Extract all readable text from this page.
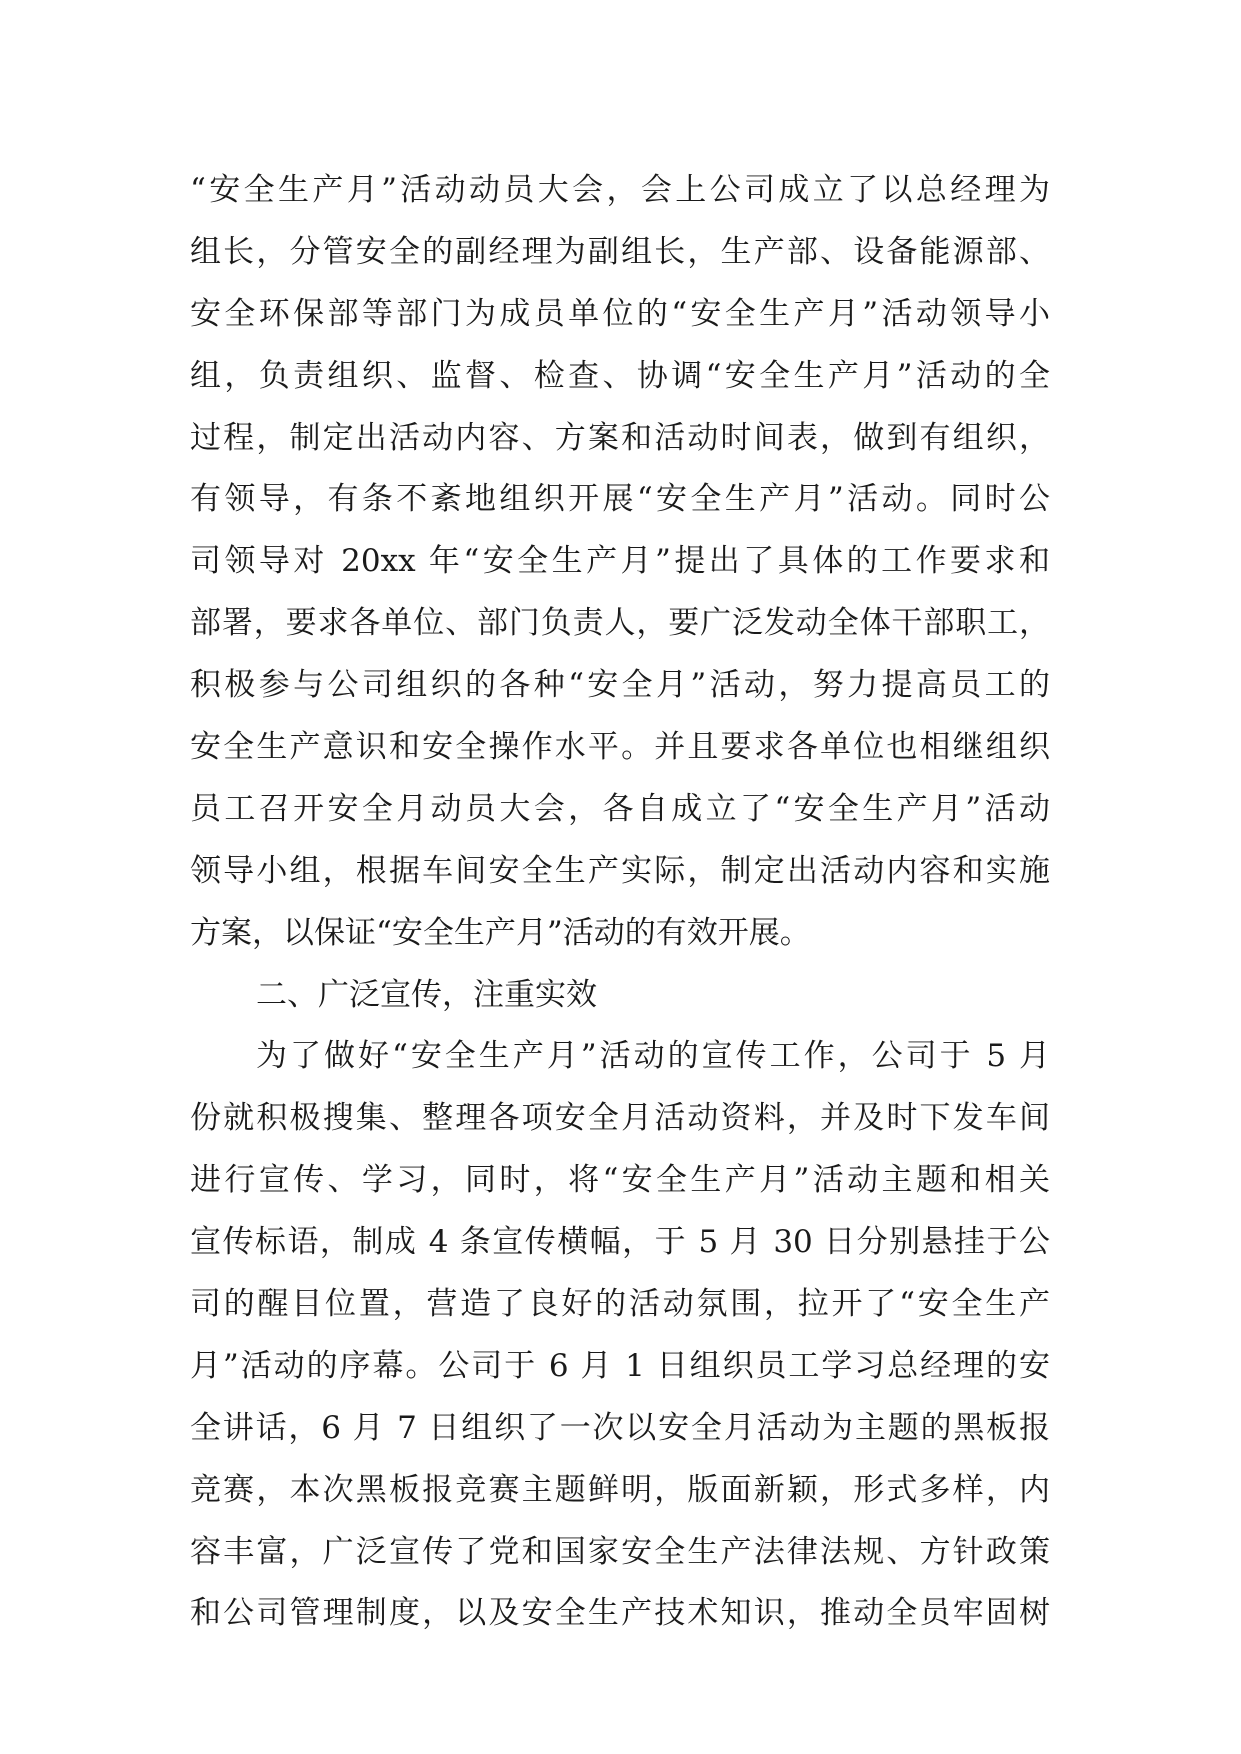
“安全生产月”活动动员大会，会上公司成立了以总经理为
组长，分管安全的副经理为副组长，生产部、设备能源部、
安全环保部等部门为成员单位的“安全生产月”活动领导小
组，负责组织、监督、检查、协调“安全生产月”活动的全
过程，制定出活动内容、方案和活动时间表，做到有组织，
有领导，有条不紊地组织开展“安全生产月”活动。同时公
司领导对 20xx 年“安全生产月”提出了具体的工作要求和
部署，要求各单位、部门负责人，要广泛发动全体干部职工，
积极参与公司组织的各种“安全月”活动，努力提高员工的
安全生产意识和安全操作水平。并且要求各单位也相继组织
员工召开安全月动员大会，各自成立了“安全生产月”活动
领导小组，根据车间安全生产实际，制定出活动内容和实施
方案，以保证“安全生产月”活动的有效开展。
二、广泛宣传，注重实效
为了做好“安全生产月”活动的宣传工作，公司于 5 月
份就积极搜集、整理各项安全月活动资料，并及时下发车间
进行宣传、学习，同时，将“安全生产月”活动主题和相关
宣传标语，制成 4 条宣传横幅，于 5 月 30 日分别悬挂于公
司的醒目位置，营造了良好的活动氛围，拉开了“安全生产
月”活动的序幕。公司于 6 月 1 日组织员工学习总经理的安
全讲话，6 月 7 日组织了一次以安全月活动为主题的黑板报
竞赛，本次黑板报竞赛主题鲜明，版面新颖，形式多样，内
容丰富，广泛宣传了党和国家安全生产法律法规、方针政策
和公司管理制度，以及安全生产技术知识，推动全员牢固树
